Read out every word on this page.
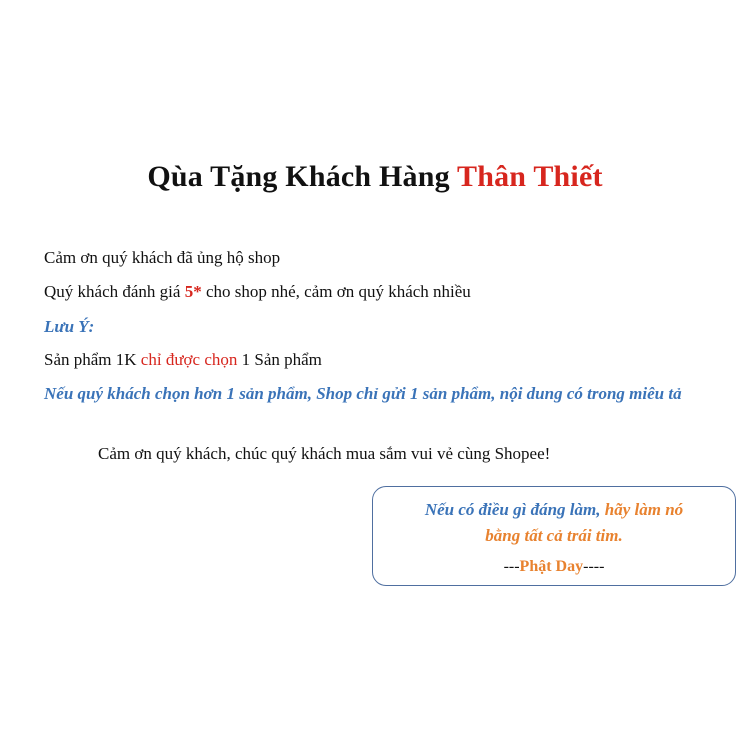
Qùa Tặng Khách Hàng Thân Thiết

Cảm ơn quý khách đã ủng hộ shop

Quý khách đánh giá 5* cho shop nhé, cảm ơn quý khách nhiều

Lưu Ý:

Sản phẩm 1K chỉ được chọn 1 Sản phẩm

Nếu quý khách chọn hơn 1 sản phẩm, Shop chỉ gửi 1 sản phẩm, nội dung có trong miêu tả

Cảm ơn quý khách, chúc quý khách mua sắm vui vẻ cùng Shopee!

Nếu có điều gì đáng làm, hãy làm nó

bằng tất cả trái tim.

---Phật Day----
